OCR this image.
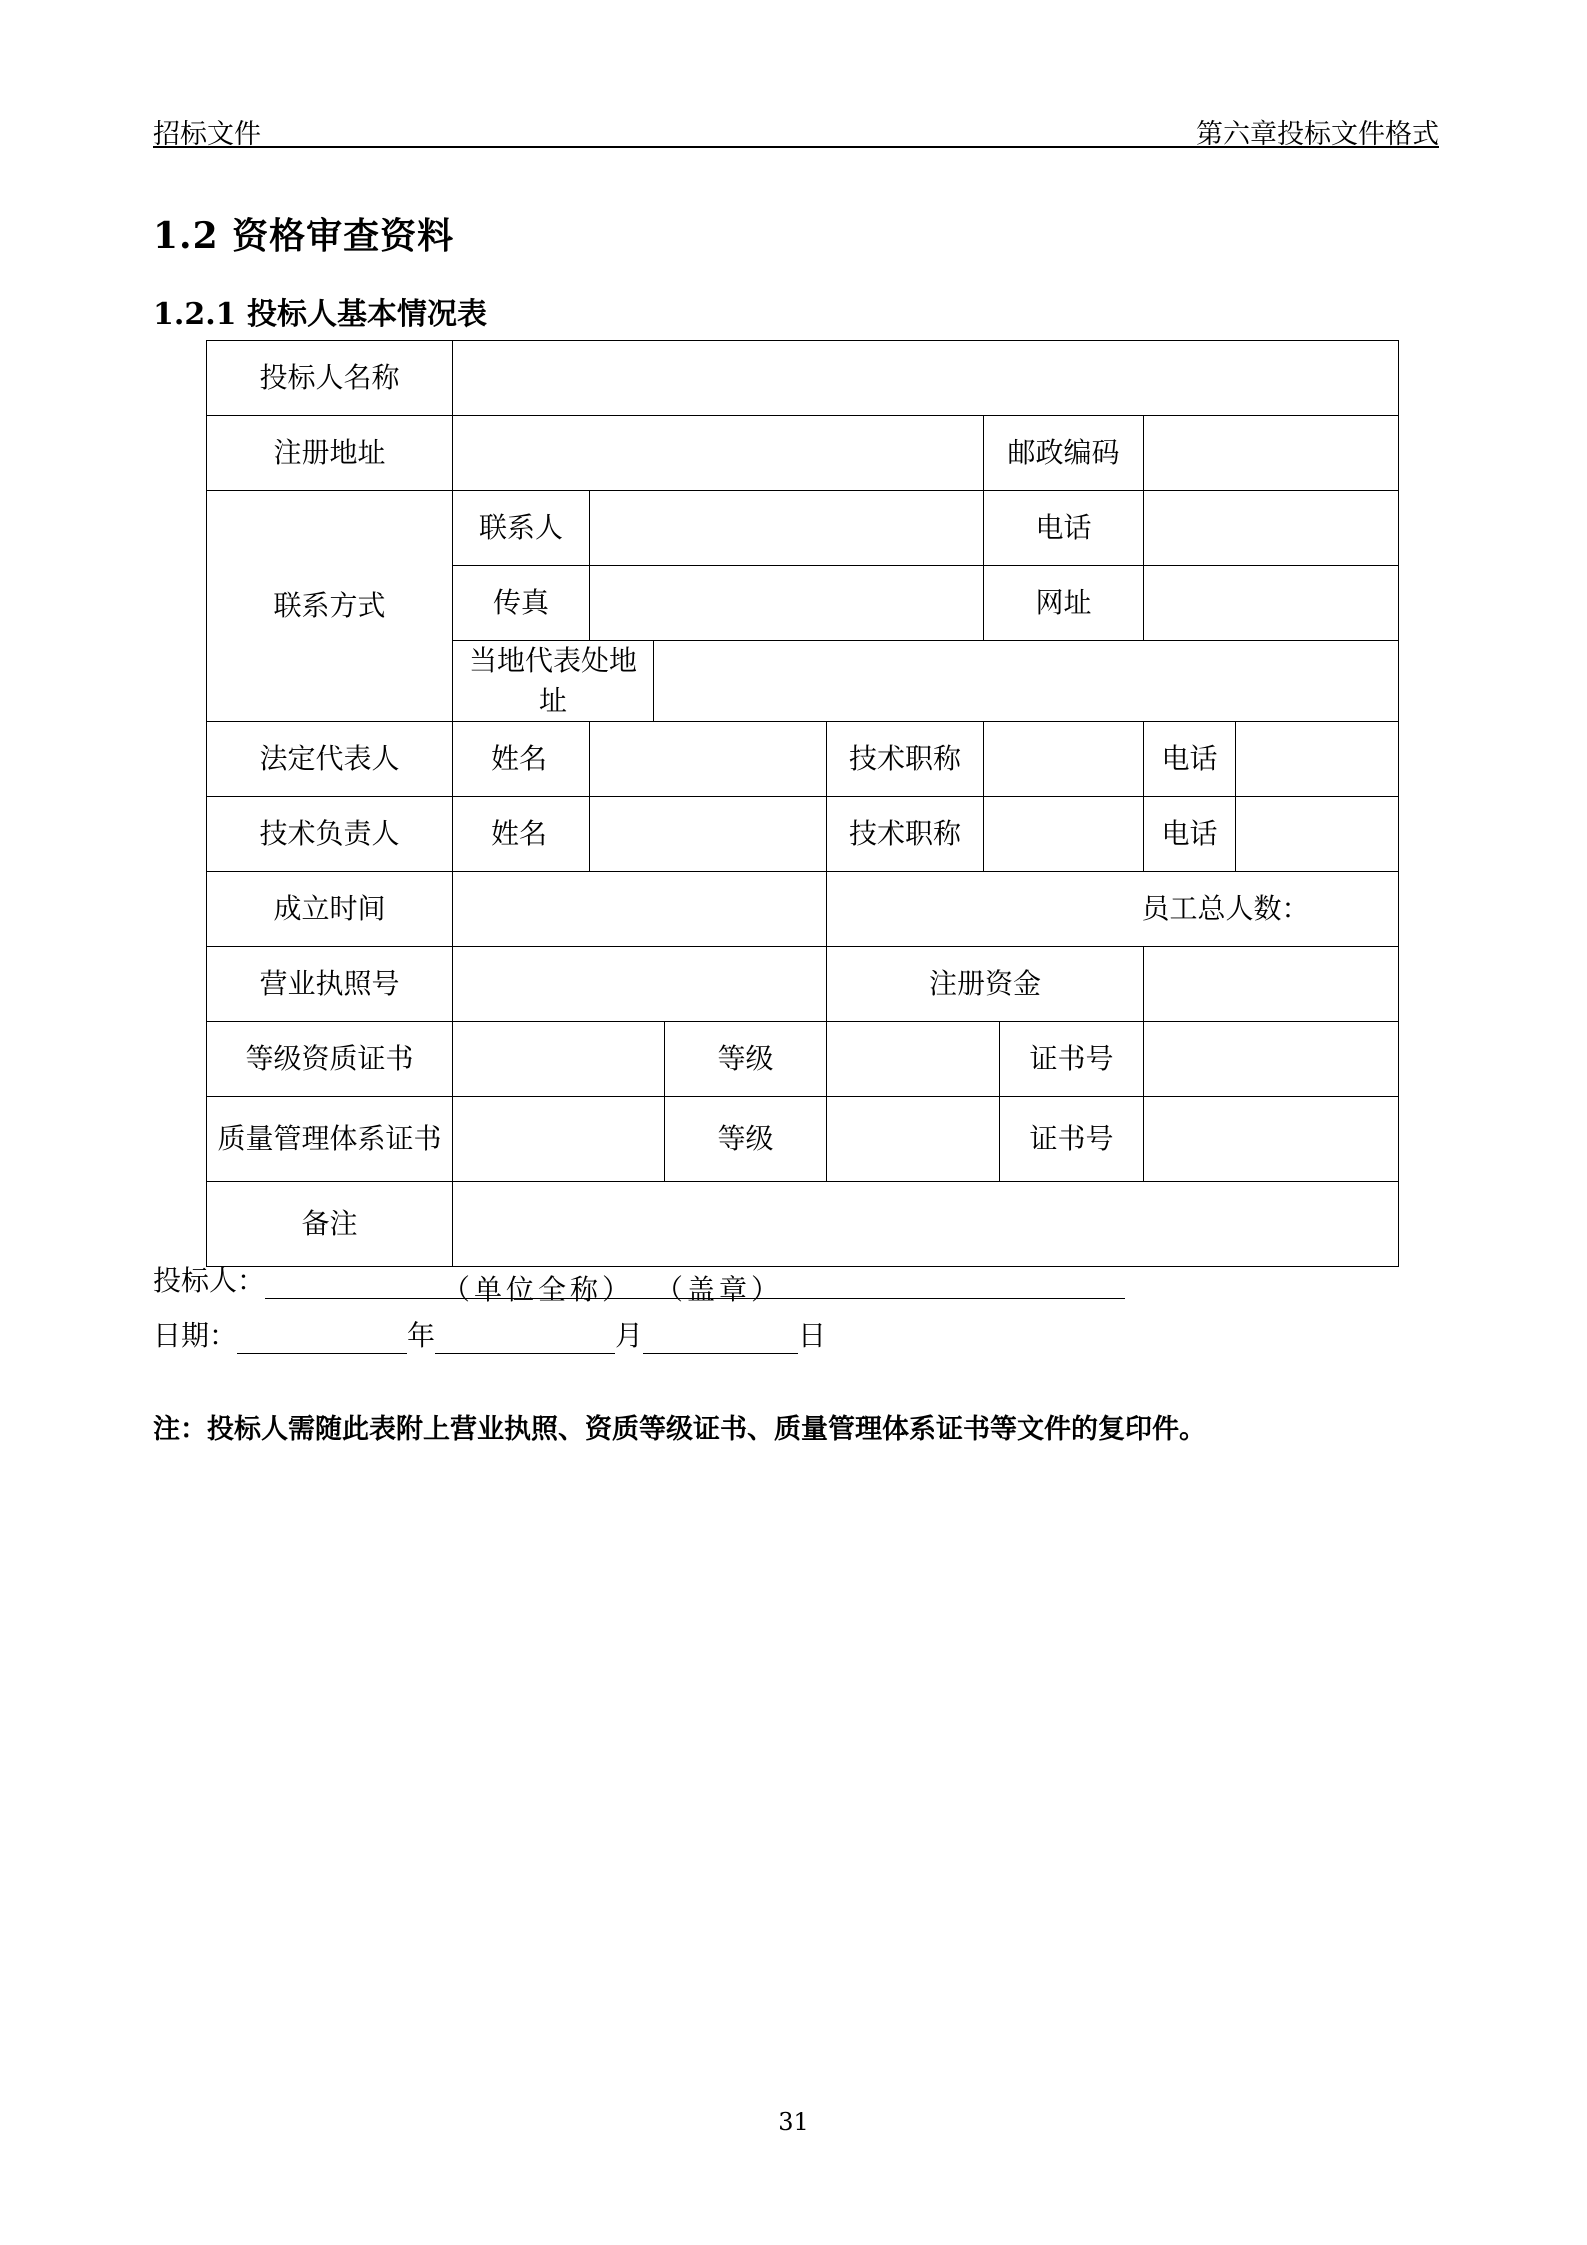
招标文件	第六章投标文件格式
1.2 资格审查资料
1.2.1 投标人基本情况表
投标人名称									
注册地址						邮政编码			
联系方式	联系人					电话			
	传真					网址			
	当地代表处地址								
法定代表人	姓名				技术职称			电话	
技术负责人	姓名				技术职称			电话	
成立时间					员工总人数：				
营业执照号					注册资金				
等级资质证书				等级			证书号		
质量管理体系证书				等级			证书号		
备注									
投标人：	（单位全称） （盖章）
日期：	年	月	日
注：投标人需随此表附上营业执照、资质等级证书、质量管理体系证书等文件的复印件。
31
